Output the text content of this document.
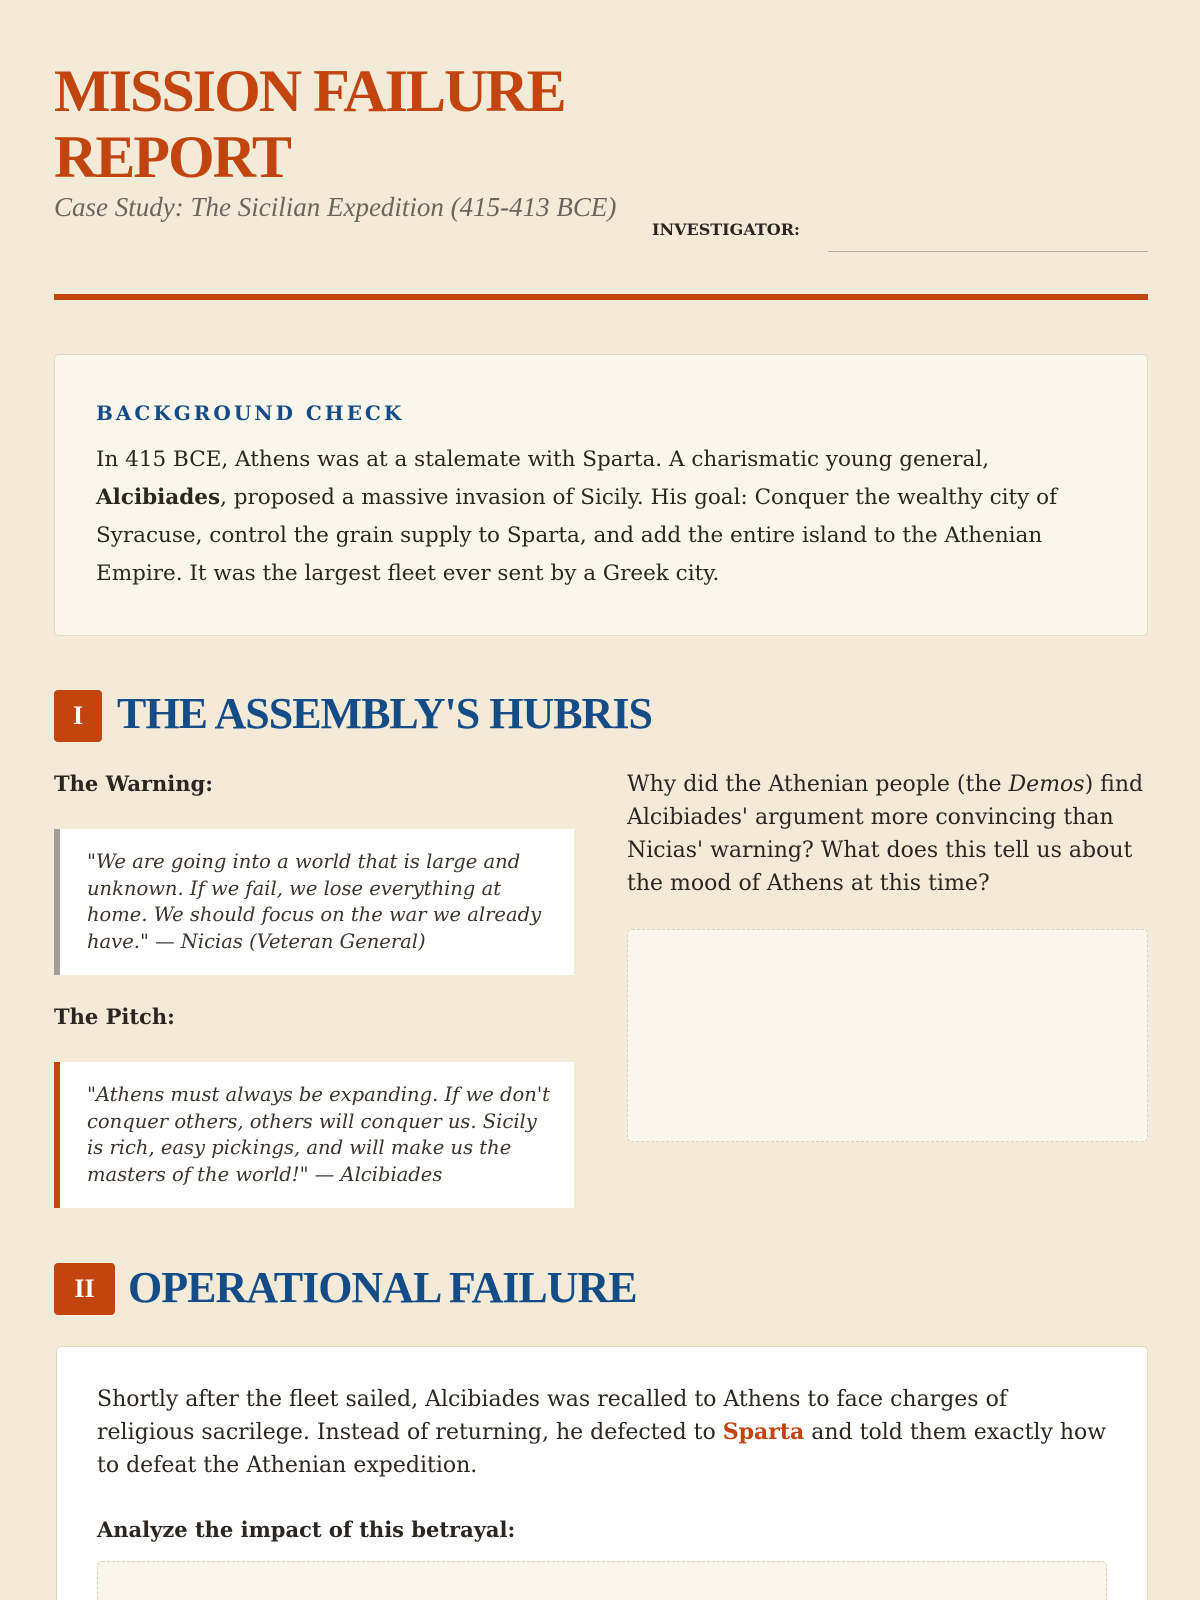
MISSION FAILURE REPORT
Case Study: The Sicilian Expedition (415-413 BCE)
INVESTIGATOR:
BACKGROUND CHECK

In 415 BCE, Athens was at a stalemate with Sparta. A charismatic young general, Alcibiades, proposed a massive invasion of Sicily. His goal: Conquer the wealthy city of Syracuse, control the grain supply to Sparta, and add the entire island to the Athenian Empire. It was the largest fleet ever sent by a Greek city.

I THE ASSEMBLY'S HUBRIS
The Warning:
"We are going into a world that is large and unknown. If we fail, we lose everything at home. We should focus on the war we already have." — Nicias (Veteran General)
The Pitch:
"Athens must always be expanding. If we don't conquer others, others will conquer us. Sicily is rich, easy pickings, and will make us the masters of the world!" — Alcibiades

Why did the Athenian people (the Demos) find Alcibiades' argument more convincing than Nicias' warning? What does this tell us about the mood of Athens at this time?

II OPERATIONAL FAILURE

Shortly after the fleet sailed, Alcibiades was recalled to Athens to face charges of religious sacrilege. Instead of returning, he defected to Sparta and told them exactly how to defeat the Athenian expedition.

Analyze the impact of this betrayal:
